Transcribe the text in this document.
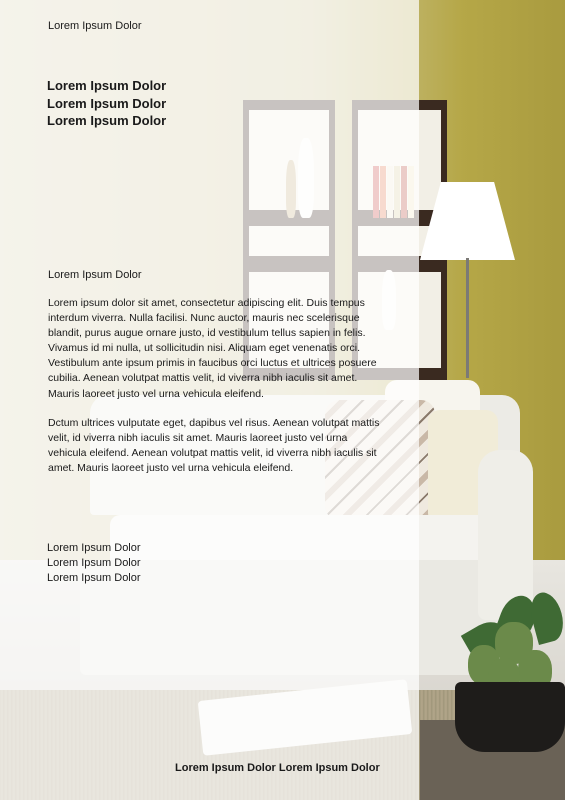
Lorem Ipsum Dolor
Lorem Ipsum Dolor
Lorem Ipsum Dolor
Lorem Ipsum Dolor
Lorem Ipsum Dolor

Lorem ipsum dolor sit amet, consectetur adipiscing elit. Duis tempus interdum viverra. Nulla facilisi. Nunc auctor, mauris nec scelerisque blandit, purus augue ornare justo, id vestibulum tellus sapien in felis. Vivamus id mi nulla, ut sollicitudin nisi. Aliquam eget venenatis orci. Vestibulum ante ipsum primis in faucibus orci luctus et ultrices posuere cubilia. Aenean volutpat mattis velit, id viverra nibh iaculis sit amet. Mauris laoreet justo vel urna vehicula eleifend.

Dctum ultrices vulputate eget, dapibus vel risus. Aenean volutpat mattis velit, id viverra nibh iaculis sit amet. Mauris laoreet justo vel urna vehicula eleifend. Aenean volutpat mattis velit, id viverra nibh iaculis sit amet. Mauris laoreet justo vel urna vehicula eleifend.

Lorem Ipsum Dolor
Lorem Ipsum Dolor
Lorem Ipsum Dolor
Lorem Ipsum Dolor Lorem Ipsum Dolor
